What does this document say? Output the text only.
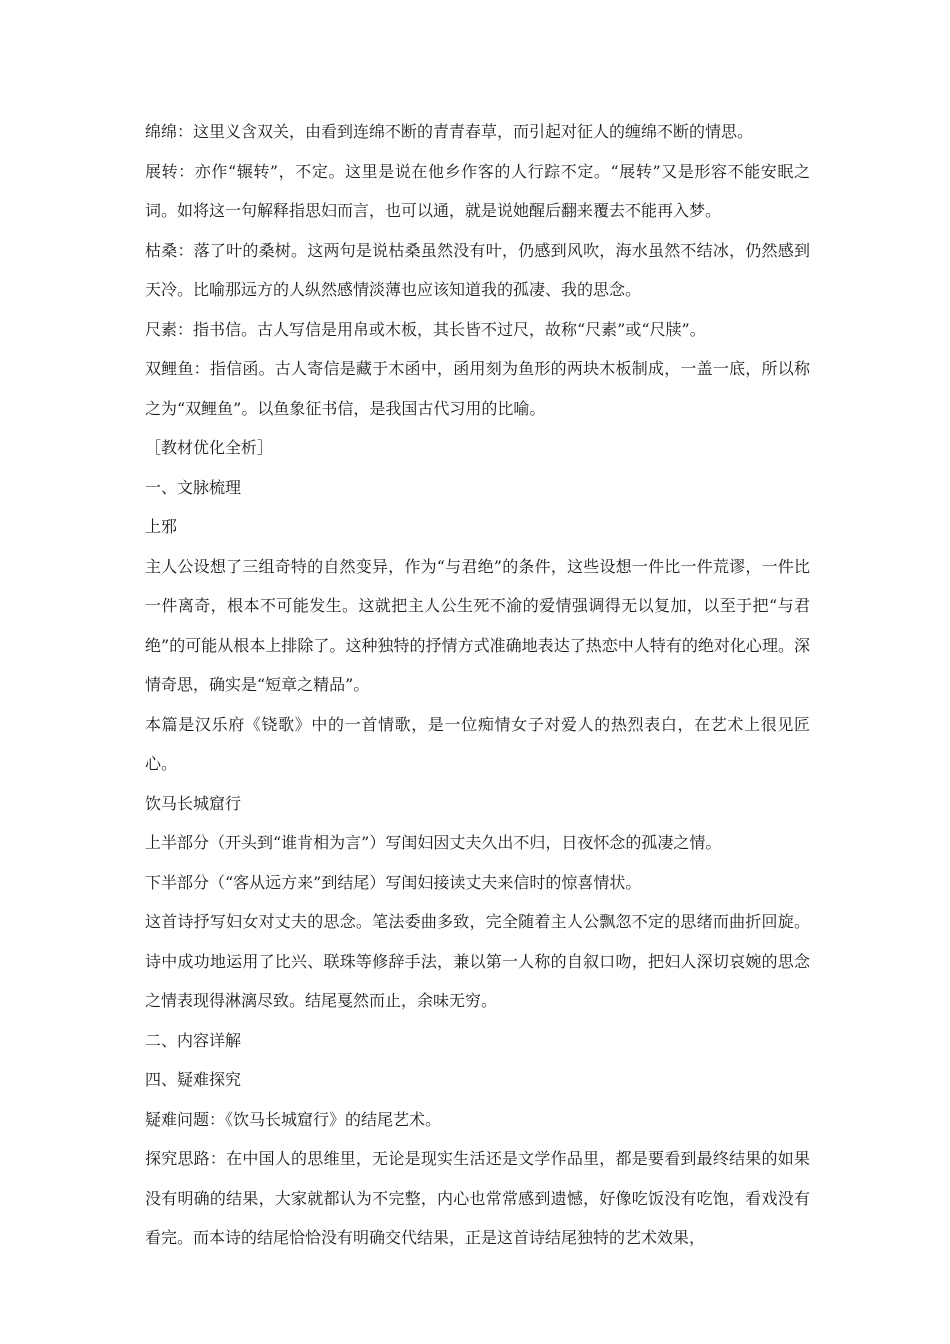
绵绵：这里义含双关，由看到连绵不断的青青春草，而引起对征人的缠绵不断的情思。

展转：亦作“辗转”，不定。这里是说在他乡作客的人行踪不定。“展转”又是形容不能安眠之词。如将这一句解释指思妇而言，也可以通，就是说她醒后翻来覆去不能再入梦。

枯桑：落了叶的桑树。这两句是说枯桑虽然没有叶，仍感到风吹，海水虽然不结冰，仍然感到天冷。比喻那远方的人纵然感情淡薄也应该知道我的孤凄、我的思念。

尺素：指书信。古人写信是用帛或木板，其长皆不过尺，故称“尺素”或“尺牍”。

双鲤鱼：指信函。古人寄信是藏于木函中，函用刻为鱼形的两块木板制成，一盖一底，所以称之为“双鲤鱼”。以鱼象征书信，是我国古代习用的比喻。

［教材优化全析］

一、文脉梳理

上邪

主人公设想了三组奇特的自然变异，作为“与君绝”的条件，这些设想一件比一件荒谬，一件比一件离奇，根本不可能发生。这就把主人公生死不渝的爱情强调得无以复加，以至于把“与君绝”的可能从根本上排除了。这种独特的抒情方式准确地表达了热恋中人特有的绝对化心理。深情奇思，确实是“短章之精品”。

本篇是汉乐府《铙歌》中的一首情歌，是一位痴情女子对爱人的热烈表白，在艺术上很见匠心。

饮马长城窟行

上半部分（开头到“谁肯相为言”）写闺妇因丈夫久出不归，日夜怀念的孤凄之情。

下半部分（“客从远方来”到结尾）写闺妇接读丈夫来信时的惊喜情状。

这首诗抒写妇女对丈夫的思念。笔法委曲多致，完全随着主人公飘忽不定的思绪而曲折回旋。诗中成功地运用了比兴、联珠等修辞手法，兼以第一人称的自叙口吻，把妇人深切哀婉的思念之情表现得淋漓尽致。结尾戛然而止，余味无穷。

二、内容详解

四、疑难探究

疑难问题：《饮马长城窟行》的结尾艺术。

探究思路：在中国人的思维里，无论是现实生活还是文学作品里，都是要看到最终结果的如果没有明确的结果，大家就都认为不完整，内心也常常感到遗憾，好像吃饭没有吃饱，看戏没有看完。而本诗的结尾恰恰没有明确交代结果，正是这首诗结尾独特的艺术效果，
